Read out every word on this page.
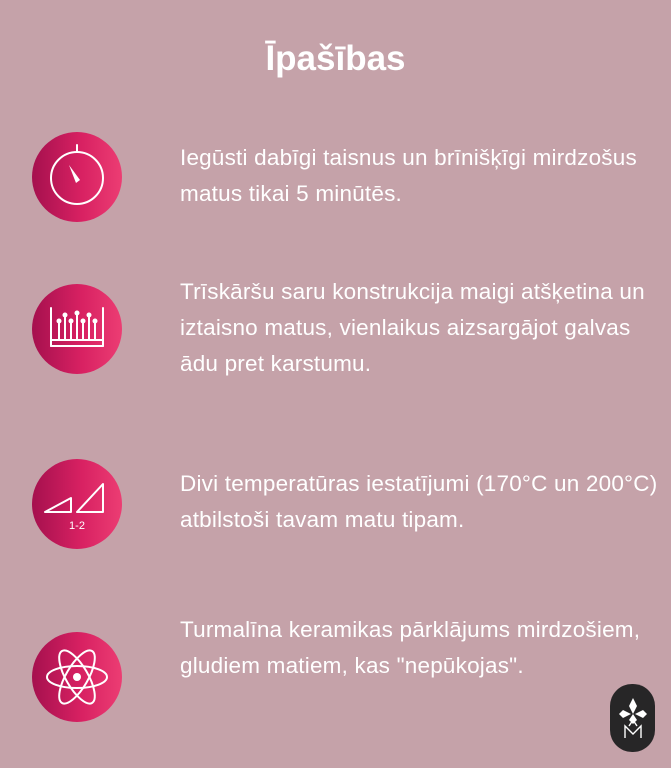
Īpašības

Iegūsti dabīgi taisnus un brīnišķīgi mirdzošus matus tikai 5 minūtēs.

Trīskāršu saru konstrukcija maigi atšķetina un iztaisno matus, vienlaikus aizsargājot galvas ādu pret karstumu.

1-2

Divi temperatūras iestatījumi (170°C un 200°C) atbilstoši tavam matu tipam.

Turmalīna keramikas pārklājums mirdzošiem, gludiem matiem, kas "nepūkojas".
